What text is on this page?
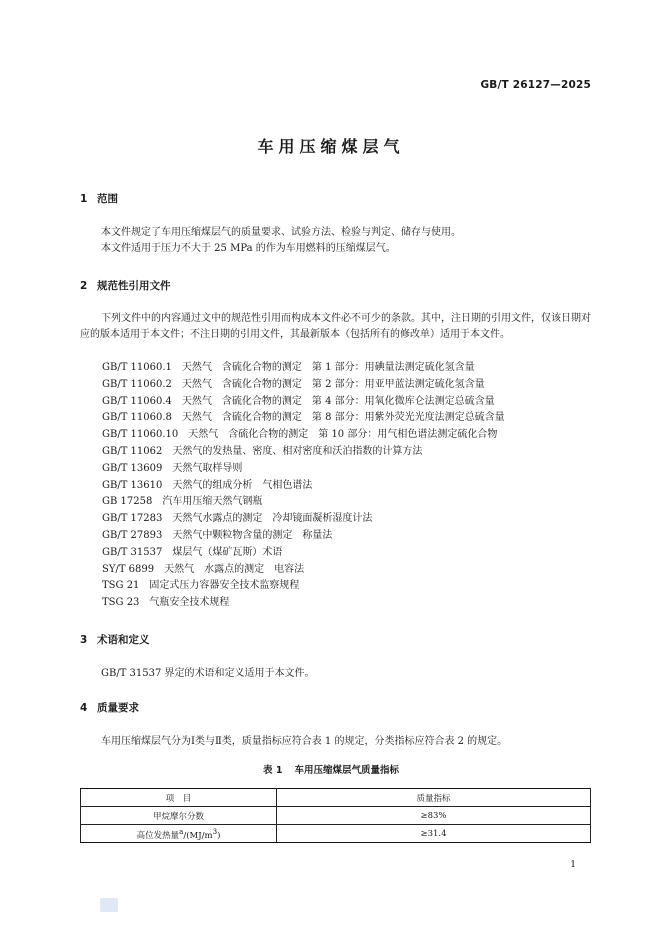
GB/T 26127—2025
车用压缩煤层气
1 范围

本文件规定了车用压缩煤层气的质量要求、试验方法、检验与判定、储存与使用。

本文件适用于压力不大于 25 MPa 的作为车用燃料的压缩煤层气。

2 规范性引用文件
下列文件中的内容通过文中的规范性引用而构成本文件必不可少的条款。其中，注日期的引用文件，仅该日期对应的版本适用于本文件；不注日期的引用文件，其最新版本（包括所有的修改单）适用于本文件。
GB/T 11060.1　天然气　含硫化合物的测定　第 1 部分：用碘量法测定硫化氢含量
GB/T 11060.2　天然气　含硫化合物的测定　第 2 部分：用亚甲蓝法测定硫化氢含量
GB/T 11060.4　天然气　含硫化合物的测定　第 4 部分：用氧化微库仑法测定总硫含量
GB/T 11060.8　天然气　含硫化合物的测定　第 8 部分：用紫外荧光光度法测定总硫含量
GB/T 11060.10　天然气　含硫化合物的测定　第 10 部分：用气相色谱法测定硫化合物
GB/T 11062　天然气的发热量、密度、相对密度和沃泊指数的计算方法
GB/T 13609　天然气取样导则
GB/T 13610　天然气的组成分析　气相色谱法
GB 17258　汽车用压缩天然气钢瓶
GB/T 17283　天然气水露点的测定　冷却镜面凝析湿度计法
GB/T 27893　天然气中颗粒物含量的测定　称量法
GB/T 31537　煤层气（煤矿瓦斯）术语
SY/T 6899　天然气　水露点的测定　电容法
TSG 21　固定式压力容器安全技术监察规程
TSG 23　气瓶安全技术规程
3 术语和定义
GB/T 31537 界定的术语和定义适用于本文件。
4 质量要求
车用压缩煤层气分为Ⅰ类与Ⅱ类，质量指标应符合表 1 的规定，分类指标应符合表 2 的规定。
表 1 车用压缩煤层气质量指标
项　目	质量指标
甲烷摩尔分数	≥83%
高位发热量$^a/(MJ/m^3)$	≥31.4
1
